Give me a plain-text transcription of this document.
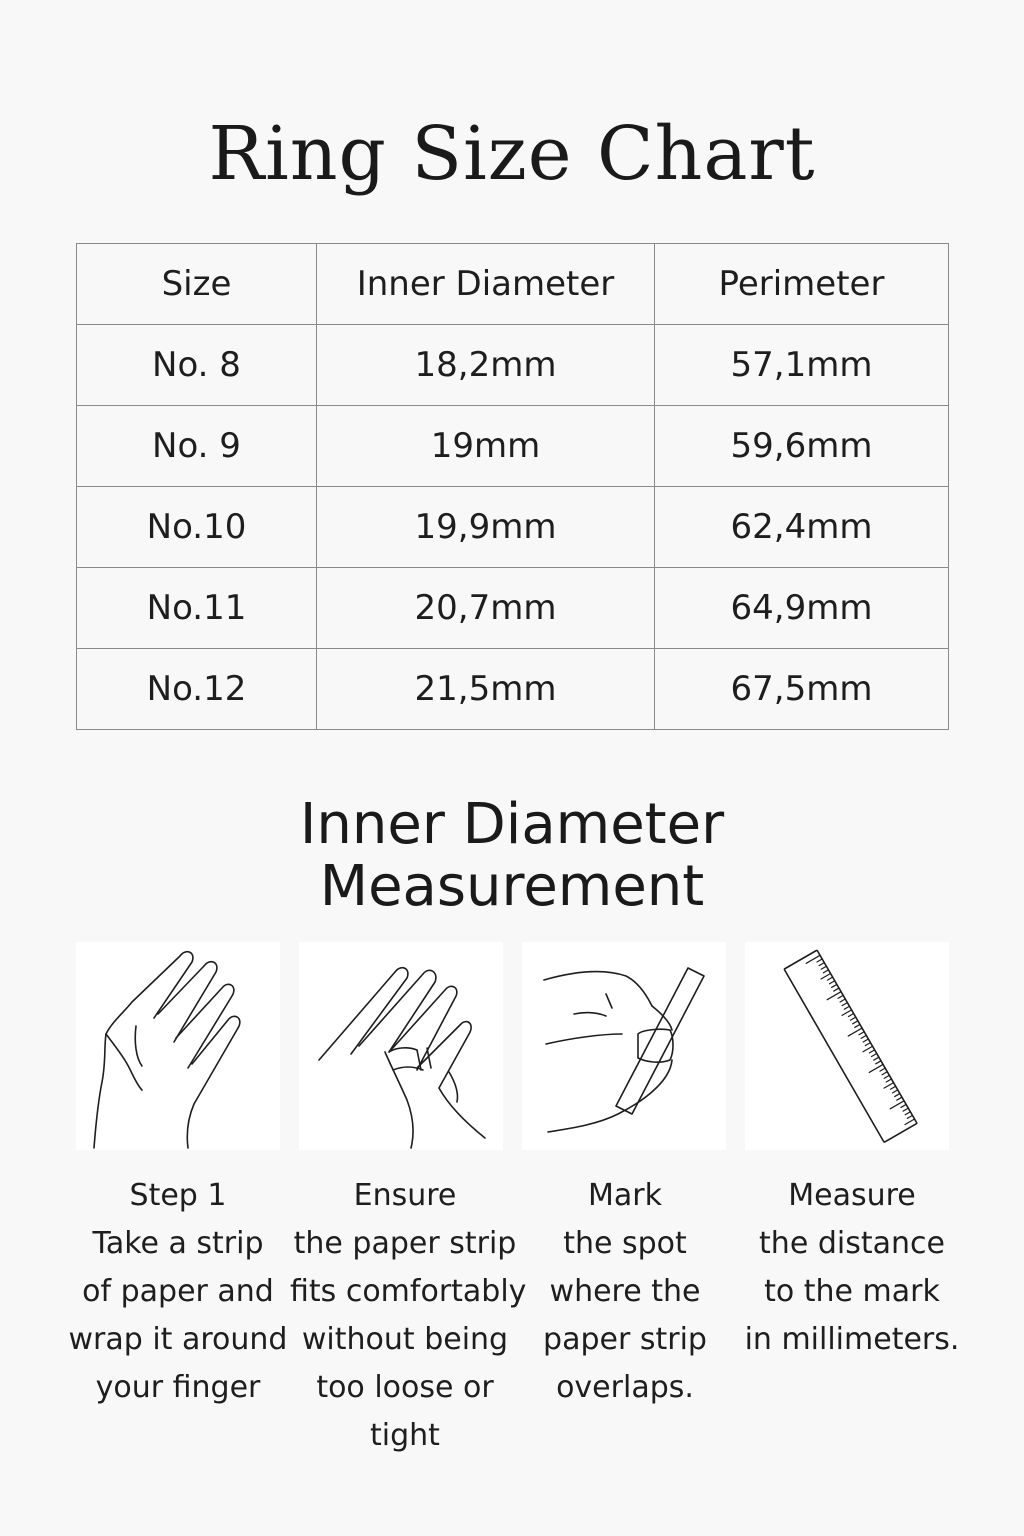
Ring Size Chart
Size	Inner Diameter	Perimeter
No. 8	18,2mm	57,1mm
No. 9	19mm	59,6mm
No.10	19,9mm	62,4mm
No.11	20,7mm	64,9mm
No.12	21,5mm	67,5mm
Inner Diameter
Measurement
Step 1
Take a strip
of paper and
wrap it around
your finger
Ensure
the paper strip
fits comfortably
without being
too loose or
tight
Mark
the spot
where the
paper strip
overlaps.
Measure
the distance
to the mark
in millimeters.
